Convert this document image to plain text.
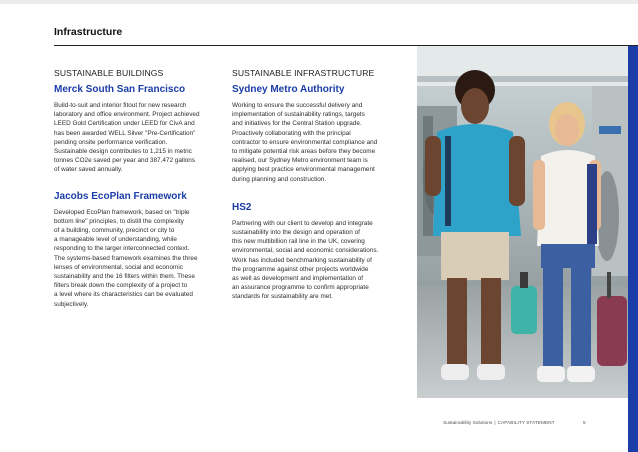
Infrastructure
SUSTAINABLE BUILDINGS
Merck South San Francisco
Build-to-suit and interior fitout for new research
laboratory and office environment. Project achieved
LEED Gold Certification under LEED for CivA and
has been awarded WELL Silver "Pre-Certification"
pending onsite performance verification.
Sustainable design contributes to 1,215 in metric
tonnes CO2e saved per year and 387,472 gallons
of water saved annually.
Jacobs EcoPlan Framework
Developed EcoPlan framework, based on "triple
bottom line" principles, to distill the complexity
of a building, community, precinct or city to
a manageable level of understanding, while
responding to the larger interconnected context.
The systems-based framework examines the three
lenses of environmental, social and economic
sustainability and the 16 filters within them. These
filters break down the complexity of a project to
a level where its characteristics can be evaluated
subjectively.
SUSTAINABLE INFRASTRUCTURE
Sydney Metro Authority
Working to ensure the successful delivery and
implementation of sustainability ratings, targets
and initiatives for the Central Station upgrade.
Proactively collaborating with the principal
contractor to ensure environmental compliance and
to mitigate potential risk areas before they become
realised, our Sydney Metro environment team is
applying best practice environmental management
during planning and construction.
HS2
Partnering with our client to develop and integrate
sustainability into the design and operation of
this new multibillion rail line in the UK, covering
environmental, social and economic considerations.
Work has included benchmarking sustainability of
the programme against other projects worldwide
as well as development and implementation of
an assurance programme to confirm appropriate
standards for sustainability are met.
Sustainability Solutions | CAPABILITY STATEMENT	5
